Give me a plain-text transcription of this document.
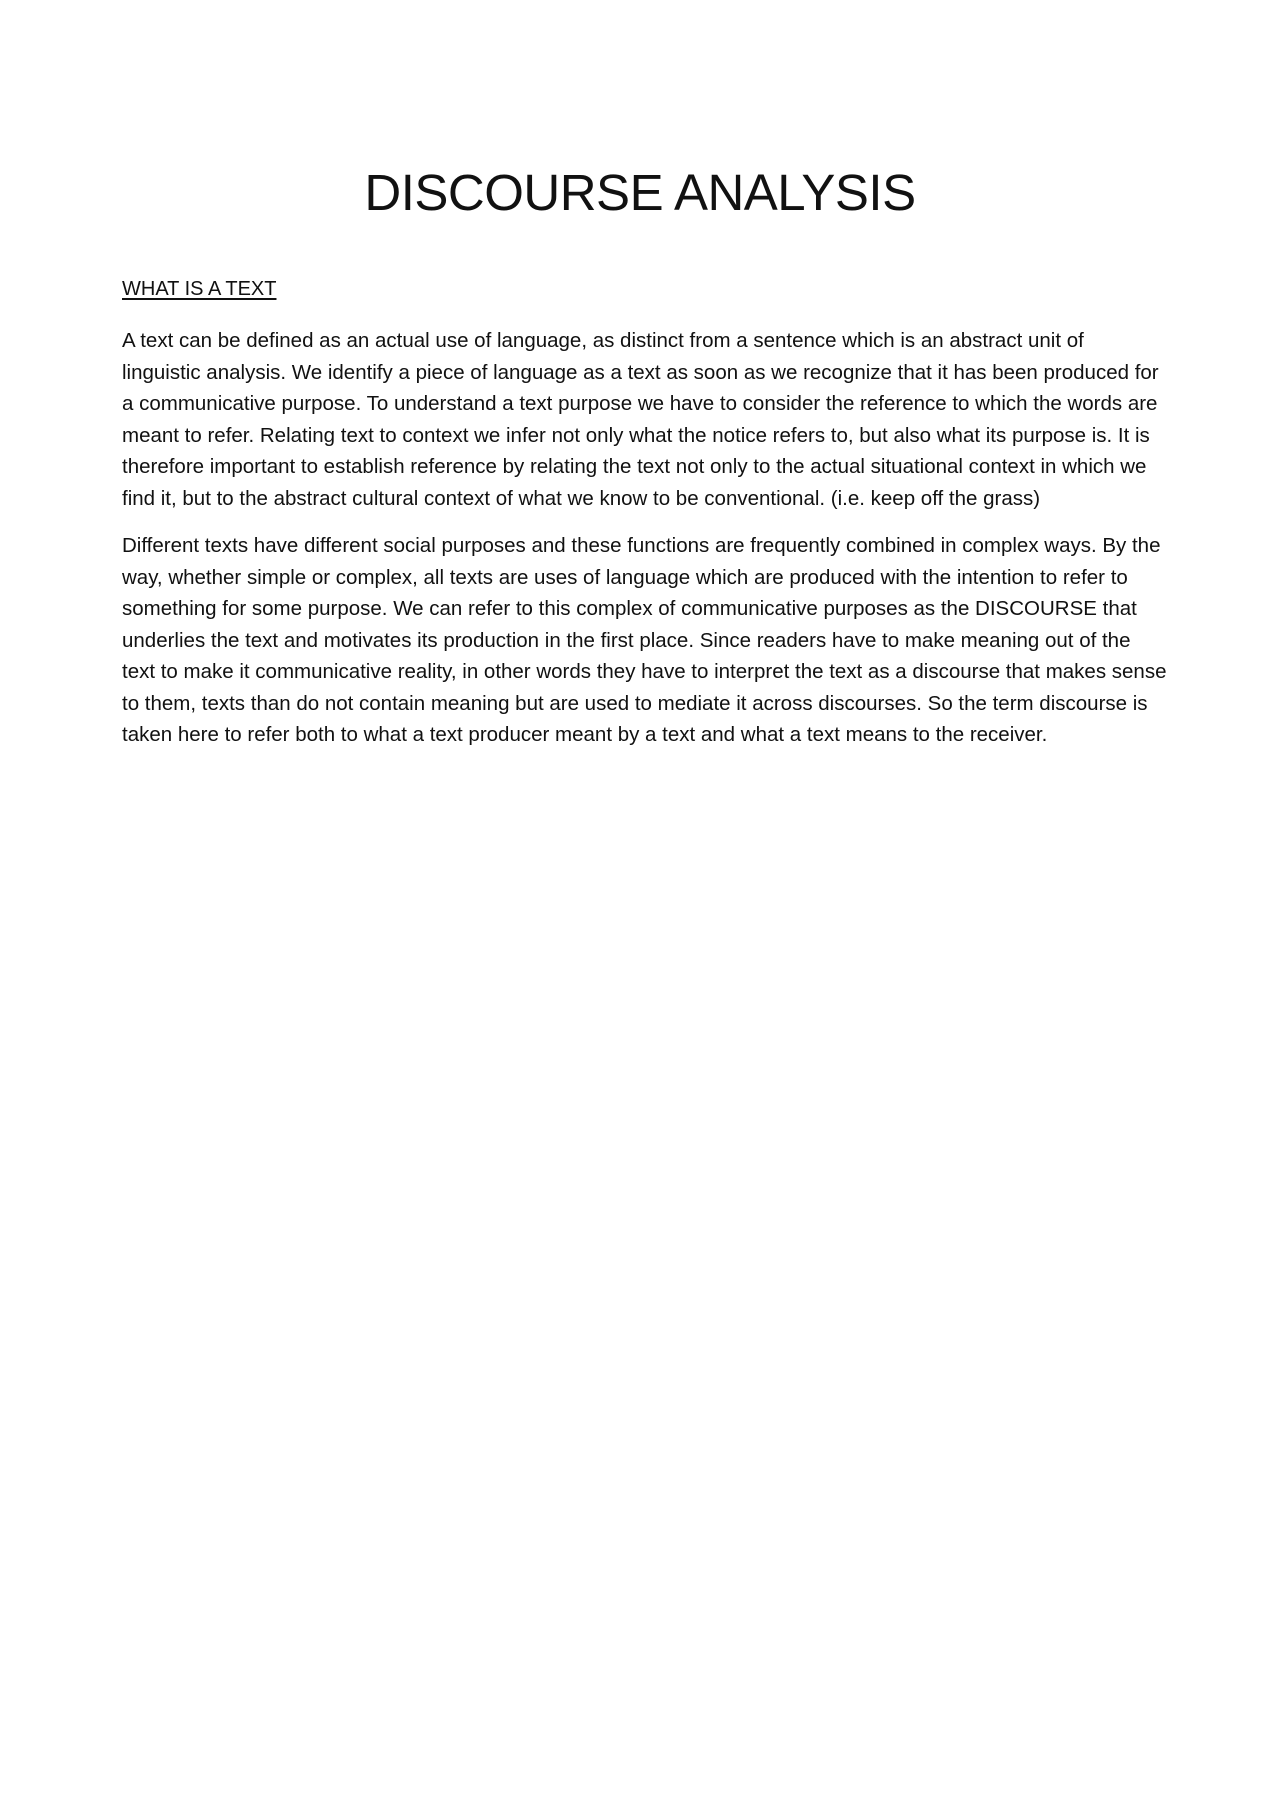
DISCOURSE ANALYSIS

WHAT IS A TEXT

A text can be defined as an actual use of language, as distinct from a sentence which is an abstract unit of linguistic analysis. We identify a piece of language as a text as soon as we recognize that it has been produced for a communicative purpose. To understand a text purpose we have to consider the reference to which the words are meant to refer. Relating text to context we infer not only what the notice refers to, but also what its purpose is. It is therefore important to establish reference by relating the text not only to the actual situational context in which we find it, but to the abstract cultural context of what we know to be conventional. (i.e. keep off the grass)

Different texts have different social purposes and these functions are frequently combined in complex ways. By the way, whether simple or complex, all texts are uses of language which are produced with the intention to refer to something for some purpose. We can refer to this complex of communicative purposes as the DISCOURSE that underlies the text and motivates its production in the first place. Since readers have to make meaning out of the text to make it communicative reality, in other words they have to interpret the text as a discourse that makes sense to them, texts than do not contain meaning but are used to mediate it across discourses. So the term discourse is taken here to refer both to what a text producer meant by a text and what a text means to the receiver.
